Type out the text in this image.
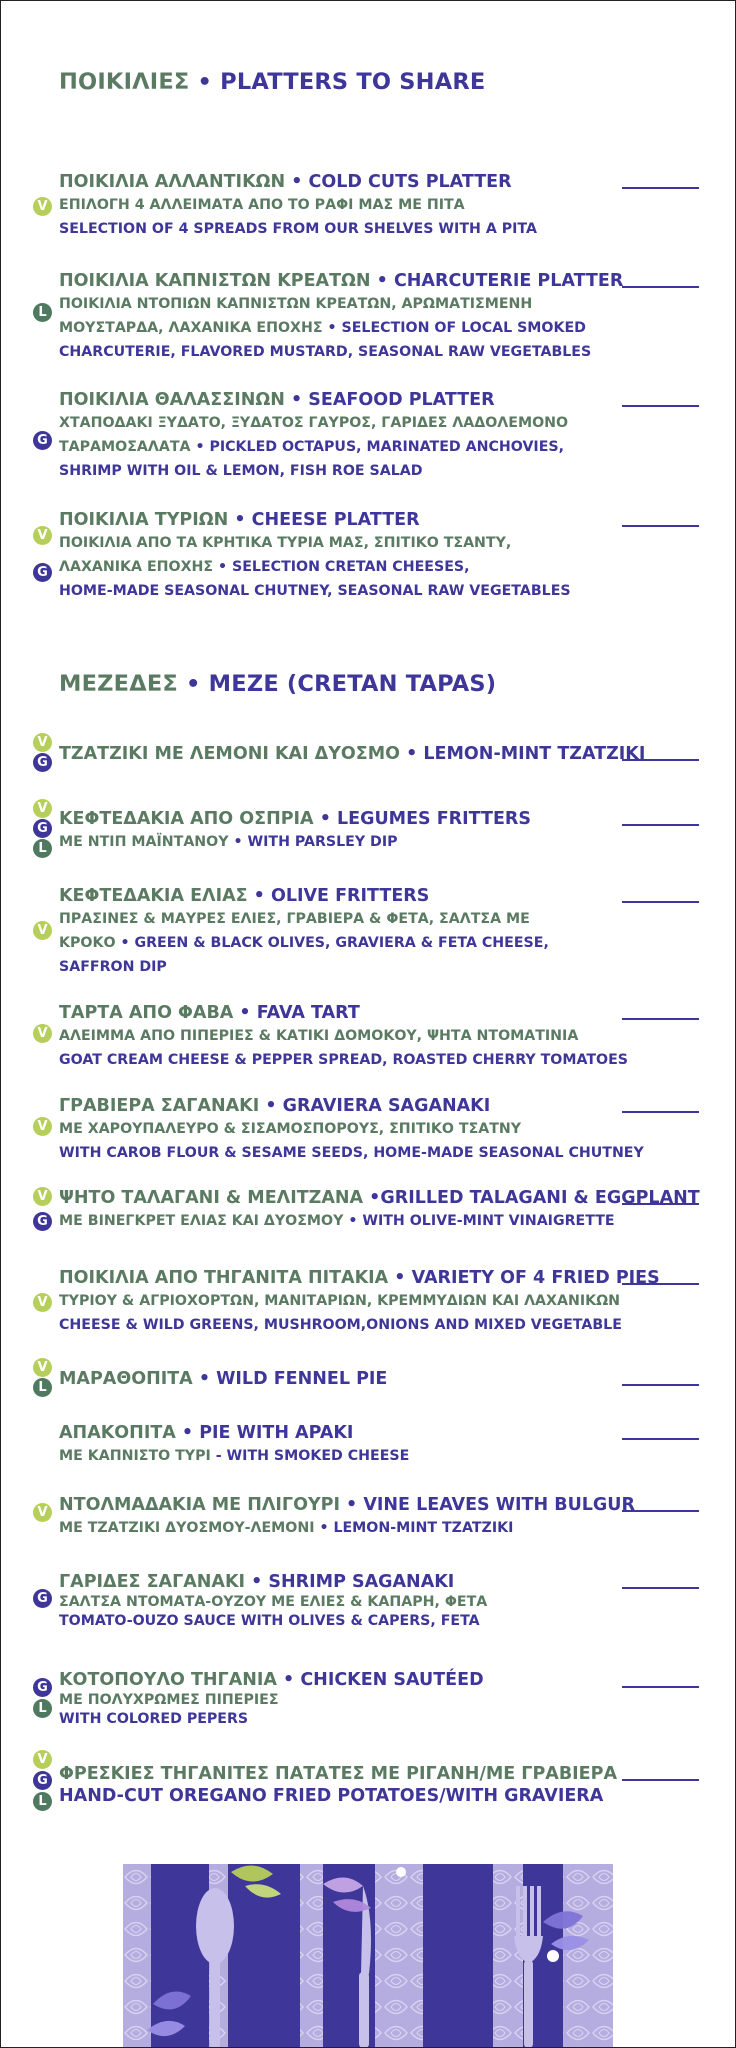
ΠΟΙΚΙΛΙΕΣ • PLATTERS TO SHARE
ΠΟΙΚΙΛΙΑ ΑΛΛΑΝΤΙΚΩΝ • COLD CUTS PLATTER
ΕΠΙΛΟΓΗ 4 ΑΛΛΕΙΜΑΤΑ ΑΠΟ ΤΟ ΡΑΦΙ ΜΑΣ ΜΕ ΠΙΤΑ
SELECTION OF 4 SPREADS FROM OUR SHELVES WITH A PITA
V
ΠΟΙΚΙΛΙΑ ΚΑΠΝΙΣΤΩΝ ΚΡΕΑΤΩΝ • CHARCUTERIE PLATTER
ΠΟΙΚΙΛΙΑ ΝΤΟΠΙΩΝ ΚΑΠΝΙΣΤΩΝ ΚΡΕΑΤΩΝ, ΑΡΩΜΑΤΙΣΜΕΝΗ
ΜΟΥΣΤΑΡΔΑ, ΛΑΧΑΝΙΚΑ ΕΠΟΧΗΣ • SELECTION OF LOCAL SMOKED
CHARCUTERIE, FLAVORED MUSTARD, SEASONAL RAW VEGETABLES
L
ΠΟΙΚΙΛΙΑ ΘΑΛΑΣΣΙΝΩΝ • SEAFOOD PLATTER
ΧΤΑΠΟΔΑΚΙ ΞΥΔΑΤΟ, ΞΥΔΑΤΟΣ ΓΑΥΡΟΣ, ΓΑΡΙΔΕΣ ΛΑΔΟΛΕΜΟΝΟ
ΤΑΡΑΜΟΣΑΛΑΤΑ • PICKLED OCTAPUS, MARINATED ANCHOVIES,
SHRIMP WITH OIL & LEMON, FISH ROE SALAD
G
ΠΟΙΚΙΛΙΑ ΤΥΡΙΩΝ • CHEESE PLATTER
ΠΟΙΚΙΛΙΑ ΑΠΟ ΤΑ ΚΡΗΤΙΚΑ ΤΥΡΙΑ ΜΑΣ, ΣΠΙΤΙΚΟ ΤΣΑΝΤΥ,
ΛΑΧΑΝΙΚΑ ΕΠΟΧΗΣ • SELECTION CRETAN CHEESES,
HOME-MADE SEASONAL CHUTNEY, SEASONAL RAW VEGETABLES
V
G
ΜΕΖΕΔΕΣ • MEZE (CRETAN TAPAS)
ΤΖΑΤΖΙΚΙ ΜΕ ΛΕΜΟΝΙ ΚΑΙ ΔΥΟΣΜΟ • LEMON-MINT TZATZIKI
V
G
ΚΕΦΤΕΔΑΚΙΑ ΑΠΟ ΟΣΠΡΙΑ • LEGUMES FRITTERS
ΜΕ ΝΤΙΠ ΜΑΪΝΤΑΝΟΥ • WITH PARSLEY DIP
V
G
L
ΚΕΦΤΕΔΑΚΙΑ ΕΛΙΑΣ • OLIVE FRITTERS
ΠΡΑΣΙΝΕΣ & ΜΑΥΡΕΣ ΕΛΙΕΣ, ΓΡΑΒΙΕΡΑ & ΦΕΤΑ, ΣΑΛΤΣΑ ΜΕ
ΚΡΟΚΟ • GREEN & BLACK OLIVES, GRAVIERA & FETA CHEESE,
SAFFRON DIP
V
ΤΑΡΤΑ ΑΠΟ ΦΑΒΑ • FAVA TART
ΑΛΕΙΜΜΑ ΑΠΟ ΠΙΠΕΡΙΕΣ & ΚΑΤΙΚΙ ΔΟΜΟΚΟΥ, ΨΗΤΑ ΝΤΟΜΑΤΙΝΙΑ
GOAT CREAM CHEESE & PEPPER SPREAD, ROASTED CHERRY TOMATOES
V
ΓΡΑΒΙΕΡΑ ΣΑΓΑΝΑΚΙ • GRAVIERA SAGANAKI
ΜΕ ΧΑΡΟΥΠΑΛΕΥΡΟ & ΣΙΣΑΜΟΣΠΟΡΟΥΣ, ΣΠΙΤΙΚΟ ΤΣΑΤΝΥ
WITH CAROB FLOUR & SESAME SEEDS, HOME-MADE SEASONAL CHUTNEY
V
ΨΗΤΟ ΤΑΛΑΓΑΝΙ & ΜΕΛΙΤΖΑΝΑ •GRILLED TALAGANI & EGGPLANT
ΜΕ ΒΙΝΕΓΚΡΕΤ ΕΛΙΑΣ ΚΑΙ ΔΥΟΣΜΟΥ • WITH OLIVE-MINT VINAIGRETTE
V
G
ΠΟΙΚΙΛΙΑ ΑΠΟ ΤΗΓΑΝΙΤΑ ΠΙΤΑΚΙΑ • VARIETY OF 4 FRIED PIES
ΤΥΡΙΟΥ & ΑΓΡΙΟΧΟΡΤΩΝ, ΜΑΝΙΤΑΡΙΩΝ, ΚΡΕΜΜΥΔΙΩΝ ΚΑΙ ΛΑΧΑΝΙΚΩΝ
CHEESE & WILD GREENS, MUSHROOM,ONIONS AND MIXED VEGETABLE
V
ΜΑΡΑΘΟΠΙΤΑ • WILD FENNEL PIE
V
L
ΑΠΑΚΟΠΙΤΑ • PIE WITH APAKI
ΜΕ ΚΑΠΝΙΣΤΟ ΤΥΡΙ - WITH SMOKED CHEESE
ΝΤΟΛΜΑΔΑΚΙΑ ΜΕ ΠΛΙΓΟΥΡΙ • VINE LEAVES WITH BULGUR
ΜΕ ΤΖΑΤΖΙΚΙ ΔΥΟΣΜΟΥ-ΛΕΜΟΝΙ • LEMON-MINT TZATZIKI
V
ΓΑΡΙΔΕΣ ΣΑΓΑΝΑΚΙ • SHRIMP SAGANAKI
ΣΑΛΤΣΑ ΝΤΟΜΑΤΑ-ΟΥΖΟΥ ΜΕ ΕΛΙΕΣ & ΚΑΠΑΡΗ, ΦΕΤΑ
TOMATO-OUZO SAUCE WITH OLIVES & CAPERS, FETA
G
ΚΟΤΟΠΟΥΛΟ ΤΗΓΑΝΙΑ • CHICKEN SAUTÉED
ΜΕ ΠΟΛΥΧΡΩΜΕΣ ΠΙΠΕΡΙΕΣ
WITH COLORED PEPERS
G
L
ΦΡΕΣΚΙΕΣ ΤΗΓΑΝΙΤΕΣ ΠΑΤΑΤΕΣ ΜΕ ΡΙΓΑΝΗ/ΜΕ ΓΡΑΒΙΕΡΑ
HAND-CUT OREGANO FRIED POTATOES/WITH GRAVIERA
V
G
L
